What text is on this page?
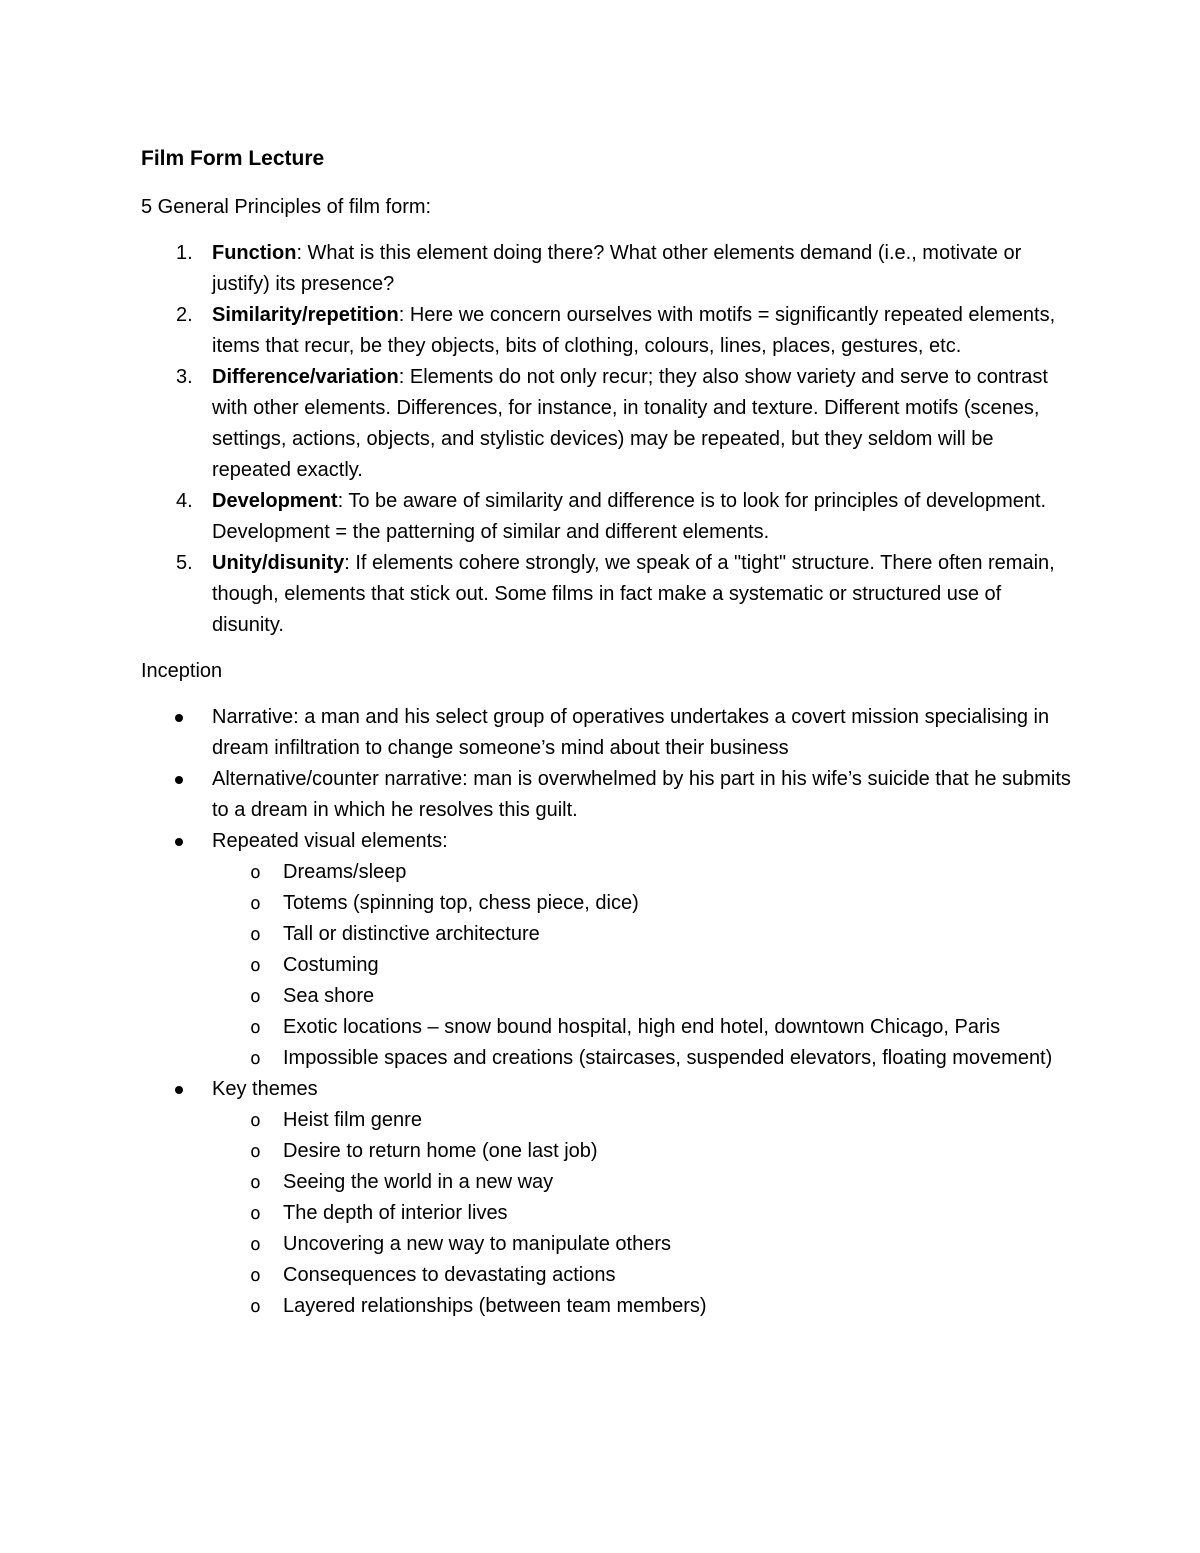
Film Form Lecture
5 General Principles of film form:
1. Function: What is this element doing there? What other elements demand (i.e., motivate or justify) its presence?
2. Similarity/repetition: Here we concern ourselves with motifs = significantly repeated elements, items that recur, be they objects, bits of clothing, colours, lines, places, gestures, etc.
3. Difference/variation: Elements do not only recur; they also show variety and serve to contrast with other elements. Differences, for instance, in tonality and texture. Different motifs (scenes, settings, actions, objects, and stylistic devices) may be repeated, but they seldom will be repeated exactly.
4. Development: To be aware of similarity and difference is to look for principles of development. Development = the patterning of similar and different elements.
5. Unity/disunity: If elements cohere strongly, we speak of a "tight" structure. There often remain, though, elements that stick out. Some films in fact make a systematic or structured use of disunity.
Inception
Narrative: a man and his select group of operatives undertakes a covert mission specialising in dream infiltration to change someone’s mind about their business
Alternative/counter narrative: man is overwhelmed by his part in his wife’s suicide that he submits to a dream in which he resolves this guilt.
Repeated visual elements:
o Dreams/sleep
o Totems (spinning top, chess piece, dice)
o Tall or distinctive architecture
o Costuming
o Sea shore
o Exotic locations – snow bound hospital, high end hotel, downtown Chicago, Paris
o Impossible spaces and creations (staircases, suspended elevators, floating movement)
Key themes
o Heist film genre
o Desire to return home (one last job)
o Seeing the world in a new way
o The depth of interior lives
o Uncovering a new way to manipulate others
o Consequences to devastating actions
o Layered relationships (between team members)
